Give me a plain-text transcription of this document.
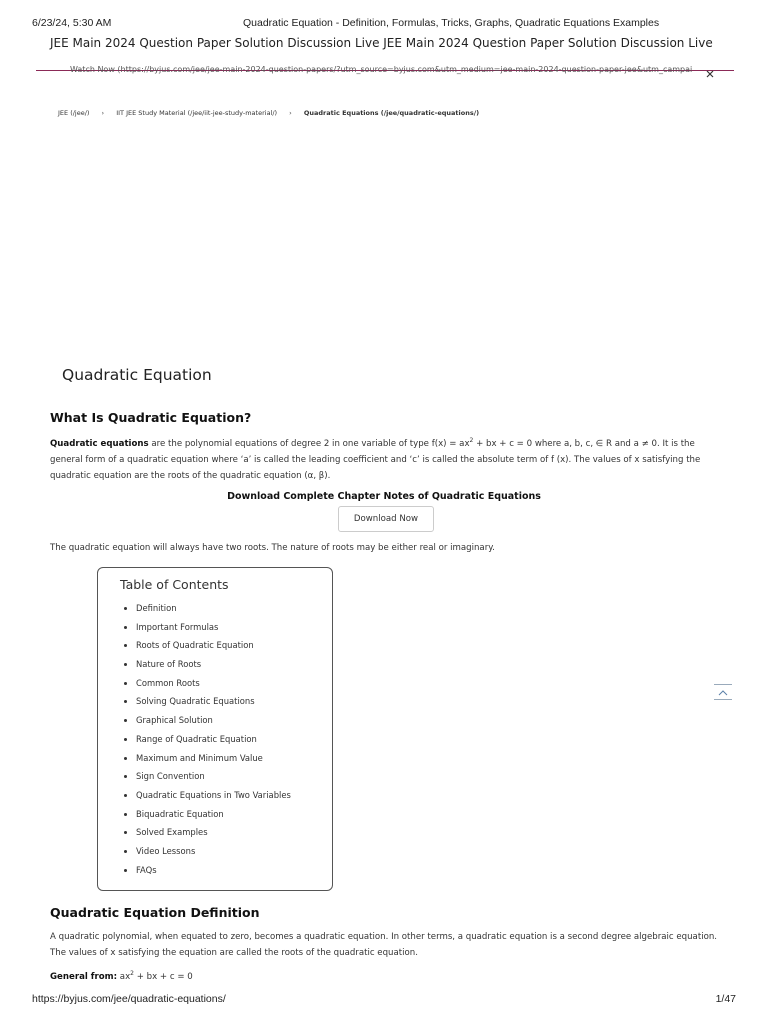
6/23/24, 5:30 AM	Quadratic Equation - Definition, Formulas, Tricks, Graphs, Quadratic Equations Examples
JEE Main 2024 Question Paper Solution Discussion Live JEE Main 2024 Question Paper Solution Discussion Live
Watch Now (https://byjus.com/jee/jee-main-2024-question-papers/?utm_source=byjus.com&utm_medium=jee-main-2024-question-paper-jee&utm_campai
JEE (/jee/) › IIT JEE Study Material (/jee/iit-jee-study-material/) › Quadratic Equations (/jee/quadratic-equations/)
Quadratic Equation
What Is Quadratic Equation?
Quadratic equations are the polynomial equations of degree 2 in one variable of type $f(x) = ax^2$ + bx + c = 0 where a, b, c, ∈ R and a ≠ 0. It is the general form of a quadratic equation where ‘a’ is called the leading coefficient and ‘c’ is called the absolute term of f (x). The values of x satisfying the quadratic equation are the roots of the quadratic equation (α, β).
Download Complete Chapter Notes of Quadratic Equations
Download Now
The quadratic equation will always have two roots. The nature of roots may be either real or imaginary.
Table of Contents
• Definition
• Important Formulas
• Roots of Quadratic Equation
• Nature of Roots
• Common Roots
• Solving Quadratic Equations
• Graphical Solution
• Range of Quadratic Equation
• Maximum and Minimum Value
• Sign Convention
• Quadratic Equations in Two Variables
• Biquadratic Equation
• Solved Examples
• Video Lessons
• FAQs
Quadratic Equation Definition
A quadratic polynomial, when equated to zero, becomes a quadratic equation. In other terms, a quadratic equation is a second degree algebraic equation. The values of x satisfying the equation are called the roots of the quadratic equation.
General from: $ax^2$ + bx + c = 0
https://byjus.com/jee/quadratic-equations/	1/47
